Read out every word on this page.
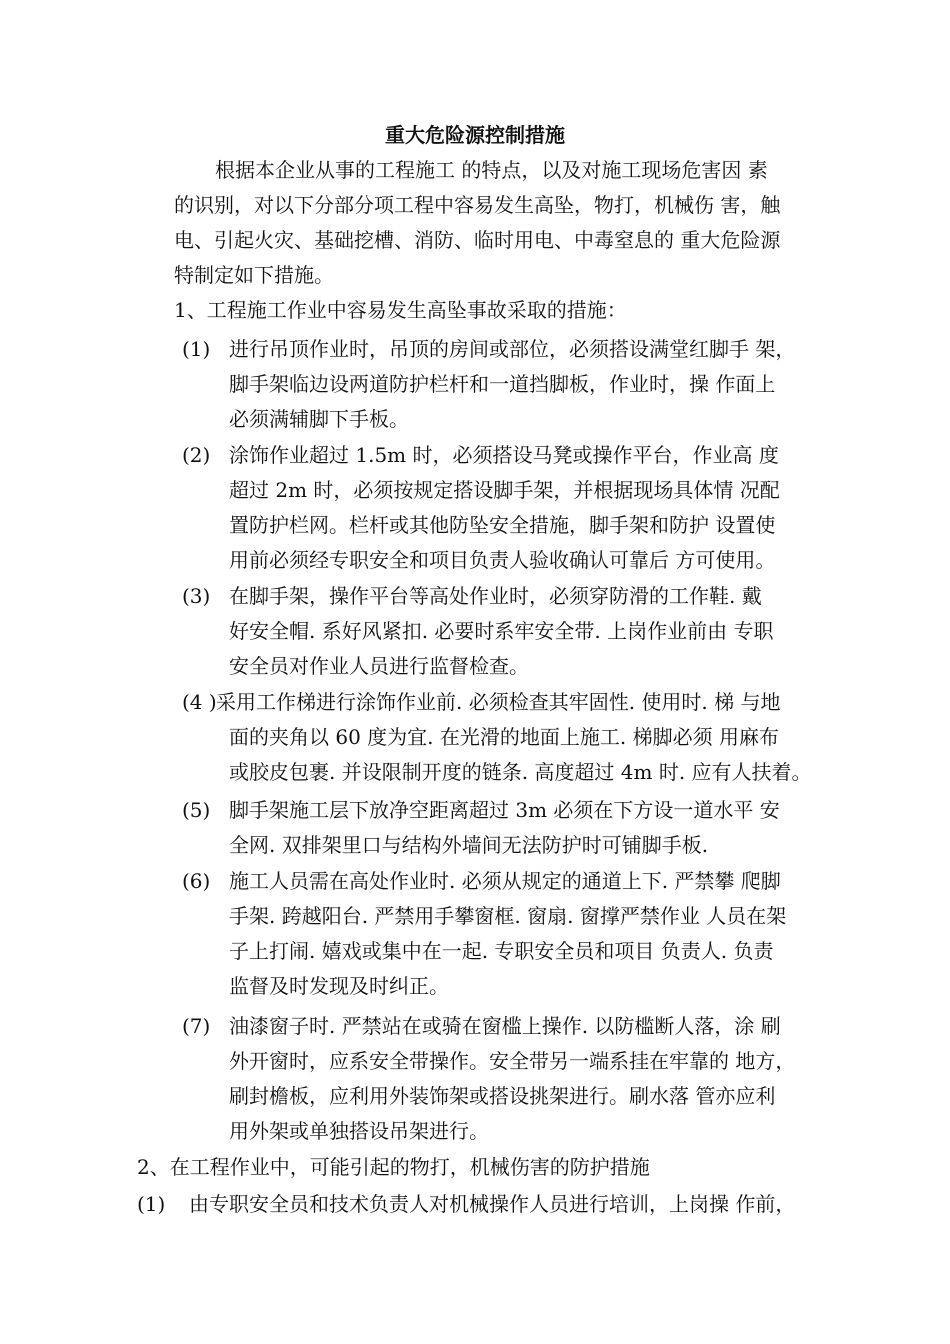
重大危险源控制措施
根据本企业从事的工程施工 的特点，以及对施工现场危害因 素
的识别，对以下分部分项工程中容易发生高坠，物打，机械伤 害，触
电、引起火灾、基础挖槽、消防、临时用电、中毒窒息的 重大危险源
特制定如下措施。
1、工程施工作业中容易发生高坠事故采取的措施：
(1) 进行吊顶作业时，吊顶的房间或部位，必须搭设满堂红脚手 架，
脚手架临边设两道防护栏杆和一道挡脚板，作业时，操 作面上
必须满辅脚下手板。
(2) 涂饰作业超过 1.5m 时，必须搭设马凳或操作平台，作业高 度
超过 2m 时，必须按规定搭设脚手架，并根据现场具体情 况配
置防护栏网。栏杆或其他防坠安全措施，脚手架和防护 设置使
用前必须经专职安全和项目负责人验收确认可靠后 方可使用。
(3) 在脚手架，操作平台等高处作业时，必须穿防滑的工作鞋. 戴
好安全帽. 系好风紧扣. 必要时系牢安全带. 上岗作业前由 专职
安全员对作业人员进行监督检查。
(4 ) 采用工作梯进行涂饰作业前. 必须检查其牢固性. 使用时. 梯 与地
面的夹角以 60 度为宜. 在光滑的地面上施工. 梯脚必须 用麻布
或胶皮包裹. 并设限制开度的链条. 高度超过 4m 时. 应有人扶着。
(5) 脚手架施工层下放净空距离超过 3m 必须在下方设一道水平 安
全网. 双排架里口与结构外墙间无法防护时可铺脚手板.
(6) 施工人员需在高处作业时. 必须从规定的通道上下. 严禁攀 爬脚
手架. 跨越阳台. 严禁用手攀窗框. 窗扇. 窗撑严禁作业 人员在架
子上打闹. 嬉戏或集中在一起. 专职安全员和项目 负责人. 负责
监督及时发现及时纠正。
(7) 油漆窗子时. 严禁站在或骑在窗槛上操作. 以防槛断人落，涂 刷
外开窗时，应系安全带操作。安全带另一端系挂在牢靠的 地方，
刷封檐板，应利用外装饰架或搭设挑架进行。刷水落 管亦应利
用外架或单独搭设吊架进行。
2、在工程作业中，可能引起的物打，机械伤害的防护措施
(1) 由专职安全员和技术负责人对机械操作人员进行培训，上岗操 作前，
